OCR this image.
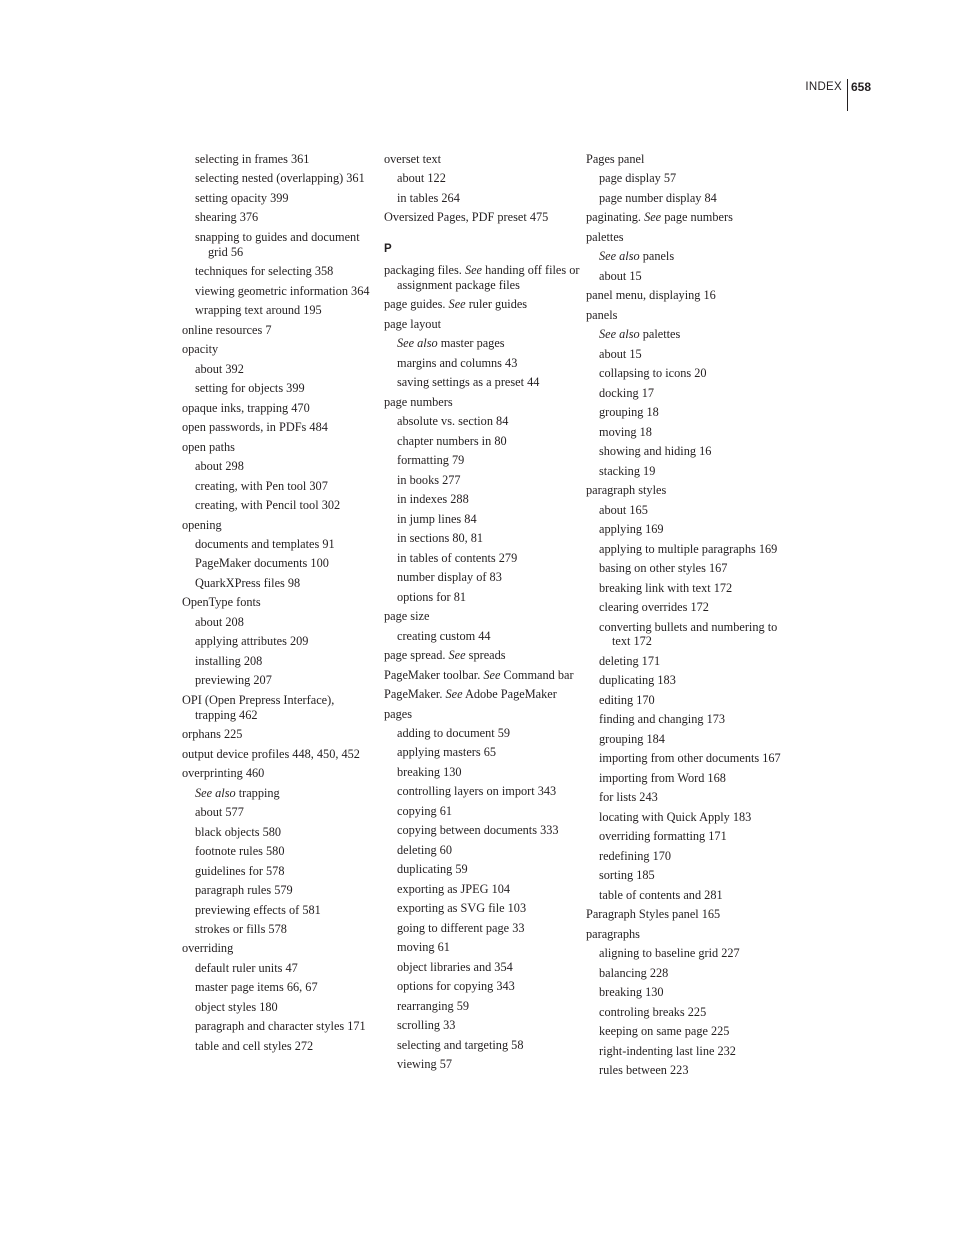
INDEX 658
selecting in frames 361
selecting nested (overlapping) 361
setting opacity 399
shearing 376
snapping to guides and document grid 56
techniques for selecting 358
viewing geometric information 364
wrapping text around 195
online resources 7
opacity
about 392
setting for objects 399
opaque inks, trapping 470
open passwords, in PDFs 484
open paths
about 298
creating, with Pen tool 307
creating, with Pencil tool 302
opening
documents and templates 91
PageMaker documents 100
QuarkXPress files 98
OpenType fonts
about 208
applying attributes 209
installing 208
previewing 207
OPI (Open Prepress Interface), trapping 462
orphans 225
output device profiles 448, 450, 452
overprinting 460
See also trapping
about 577
black objects 580
footnote rules 580
guidelines for 578
paragraph rules 579
previewing effects of 581
strokes or fills 578
overriding
default ruler units 47
master page items 66, 67
object styles 180
paragraph and character styles 171
table and cell styles 272
overset text
about 122
in tables 264
Oversized Pages, PDF preset 475
P
packaging files. See handing off files or assignment package files
page guides. See ruler guides
page layout
See also master pages
margins and columns 43
saving settings as a preset 44
page numbers
absolute vs. section 84
chapter numbers in 80
formatting 79
in books 277
in indexes 288
in jump lines 84
in sections 80, 81
in tables of contents 279
number display of 83
options for 81
page size
creating custom 44
page spread. See spreads
PageMaker toolbar. See Command bar
PageMaker. See Adobe PageMaker
pages
adding to document 59
applying masters 65
breaking 130
controlling layers on import 343
copying 61
copying between documents 333
deleting 60
duplicating 59
exporting as JPEG 104
exporting as SVG file 103
going to different page 33
moving 61
object libraries and 354
options for copying 343
rearranging 59
scrolling 33
selecting and targeting 58
viewing 57
Pages panel
page display 57
page number display 84
paginating. See page numbers
palettes
See also panels
about 15
panel menu, displaying 16
panels
See also palettes
about 15
collapsing to icons 20
docking 17
grouping 18
moving 18
showing and hiding 16
stacking 19
paragraph styles
about 165
applying 169
applying to multiple paragraphs 169
basing on other styles 167
breaking link with text 172
clearing overrides 172
converting bullets and numbering to text 172
deleting 171
duplicating 183
editing 170
finding and changing 173
grouping 184
importing from other documents 167
importing from Word 168
for lists 243
locating with Quick Apply 183
overriding formatting 171
redefining 170
sorting 185
table of contents and 281
Paragraph Styles panel 165
paragraphs
aligning to baseline grid 227
balancing 228
breaking 130
controling breaks 225
keeping on same page 225
right-indenting last line 232
rules between 223
